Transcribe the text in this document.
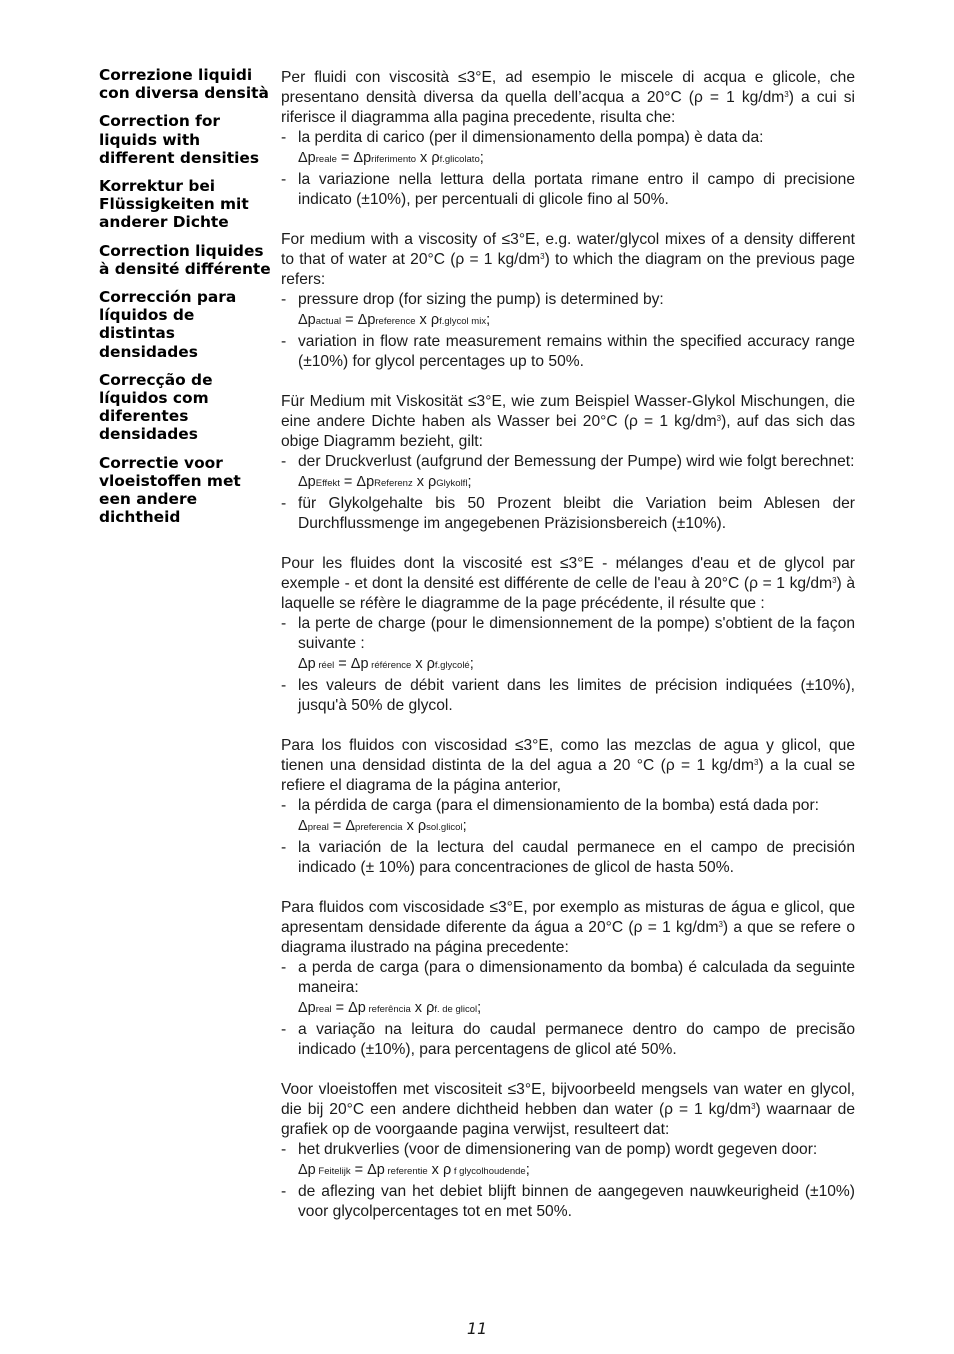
Correzione liquidi con diversa densità
Correction for liquids with different densities
Korrektur bei Flüssigkeiten mit anderer Dichte
Correction liquides à densité différente
Corrección para líquidos de distintas densidades
Correcção de líquidos com diferentes densidades
Correctie voor vloeistoffen met een andere dichtheid

Per fluidi con viscosità ≤3°E, ad esempio le miscele di acqua e glicole, che presentano densità diversa da quella dell’acqua a 20°C (ρ = 1 $kg/dm^3$) a cui si riferisce il diagramma alla pagina precedente, risulta che:

- la perdita di carico (per il dimensionamento della pompa) è data da:
Δpreale = Δpriferimento x ρf.glicolato;
- la variazione nella lettura della portata rimane entro il campo di precisione indicato (±10%), per percentuali di glicole fino al 50%.

For medium with a viscosity of ≤3°E, e.g. water/glycol mixes of a density different to that of water at 20°C (ρ = 1 $kg/dm^3$) to which the diagram on the previous page refers:

- pressure drop (for sizing the pump) is determined by:
Δpactual = Δpreference x ρf.glycol mix;
- variation in flow rate measurement remains within the specified accuracy range (±10%) for glycol percentages up to 50%.

Für Medium mit Viskosität ≤3°E, wie zum Beispiel Wasser-Glykol Mischungen, die eine andere Dichte haben als Wasser bei 20°C (ρ = 1 $kg/dm^3$), auf das sich das obige Diagramm bezieht, gilt:

- der Druckverlust (aufgrund der Bemessung der Pumpe) wird wie folgt berechnet:
ΔpEffekt = ΔpReferenz x ρGlykolfl;
- für Glykolgehalte bis 50 Prozent bleibt die Variation beim Ablesen der Durchflussmenge im angegebenen Präzisionsbereich (±10%).

Pour les fluides dont la viscosité est ≤3°E - mélanges d'eau et de glycol par exemple - et dont la densité est différente de celle de l'eau à 20°C (ρ = 1 $kg/dm^3$) à laquelle se réfère le diagramme de la page précédente, il résulte que :

- la perte de charge (pour le dimensionnement de la pompe) s'obtient de la façon suivante :
Δp réel = Δp référence x ρf.glycolé;
- les valeurs de débit varient dans les limites de précision indiquées (±10%), jusqu'à 50% de glycol.

Para los fluidos con viscosidad ≤3°E, como las mezclas de agua y glicol, que tienen una densidad distinta de la del agua a 20 °C (ρ = 1 $kg/dm^3$) a la cual se refiere el diagrama de la página anterior,

- la pérdida de carga (para el dimensionamiento de la bomba) está dada por:
Δpreal = Δpreferencia x ρsol.glicol;
- la variación de la lectura del caudal permanece en el campo de precisión indicado (± 10%) para concentraciones de glicol de hasta 50%.

Para fluidos com viscosidade ≤3°E, por exemplo as misturas de água e glicol, que apresentam densidade diferente da água a 20°C (ρ = 1 $kg/dm^3$) a que se refere o diagrama ilustrado na página precedente:

- a perda de carga (para o dimensionamento da bomba) é calculada da seguinte maneira:
Δpreal = Δp referência x ρf. de glicol;
- a variação na leitura do caudal permanece dentro do campo de precisão indicado (±10%), para percentagens de glicol até 50%.

Voor vloeistoffen met viscositeit ≤3°E, bijvoorbeeld mengsels van water en glycol, die bij 20°C een andere dichtheid hebben dan water (ρ = 1 $kg/dm^3$) waarnaar de grafiek op de voorgaande pagina verwijst, resulteert dat:

- het drukverlies (voor de dimensionering van de pomp) wordt gegeven door:
Δp Feitelijk = Δp referentie x ρ f glycolhoudende;
- de aflezing van het debiet blijft binnen de aangegeven nauwkeurigheid (±10%) voor glycolpercentages tot en met 50%.
11
